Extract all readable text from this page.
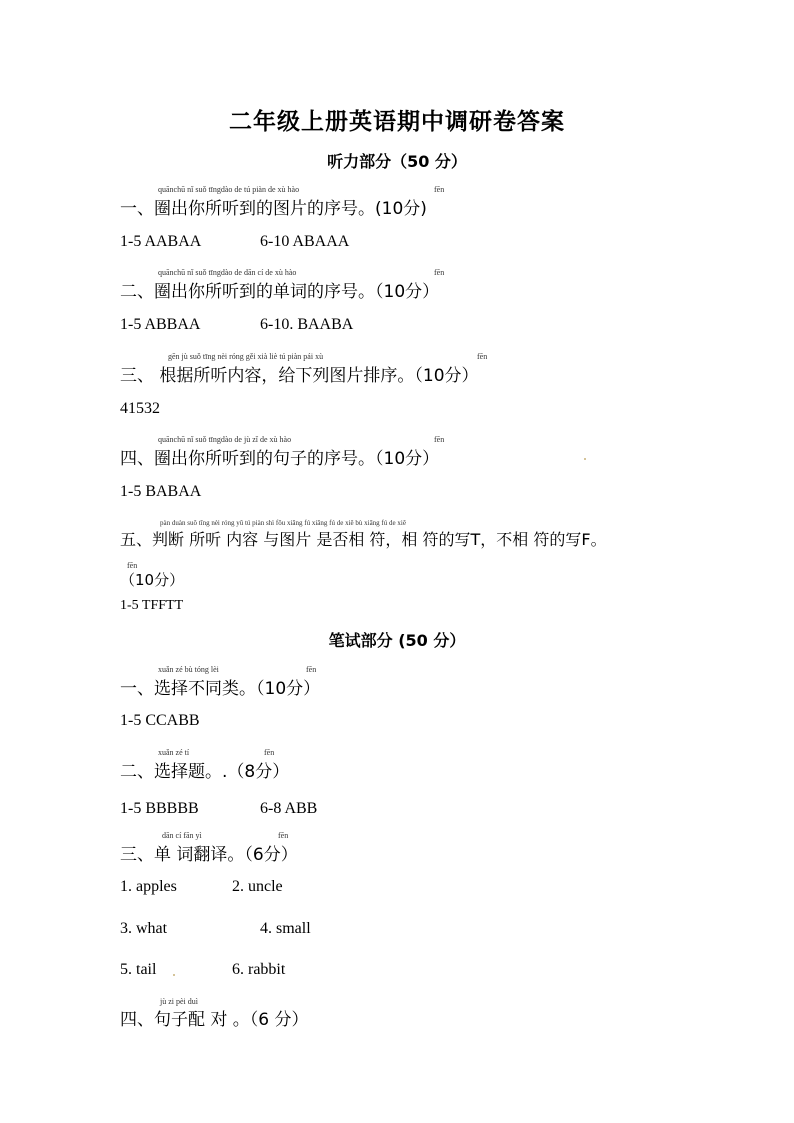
二年级上册英语期中调研卷答案
听力部分（50 分）
quānchū nǐ suǒ tīngdào de tú piàn de xù hào	fēn
一、圈出你所听到的图片的序号。(10分)
1-5 AABAA	6-10 ABAAA
quānchū nǐ suǒ tīngdào de dān cí de xù hào	fēn
二、圈出你所听到的单词的序号。（10分）
1-5 ABBAA	6-10. BAABA
gēn jù suǒ tīng nèi róng gěi xià liè tú piàn pái xù	fēn
三、 根据所听内容，给下列图片排序。（10分）
41532
quānchū nǐ suǒ tīngdào de jù zǐ de xù hào	fēn
四、圈出你所听到的句子的序号。（10分）
1-5 BABAA
pàn duàn suǒ tīng nèi róng yǔ tú piàn shì fǒu xiāng fú xiāng fú de xiě bù xiāng fú de xiě
五、判断 所听 内容 与图片 是否相 符，相 符的写T，不相 符的写F。
fēn
（10分）
1-5 TFFTT
笔试部分 (50 分）
xuǎn zé bù tóng lèi	fēn
一、选择不同类。（10分）
1-5 CCABB
xuǎn zé tí	fēn
二、选择题。.（8分）
1-5 BBBBB	6-8 ABB
dān cí fān yì	fēn
三、单 词翻译。（6分）
1. apples	2. uncle
3. what	4. small
5. tail	6. rabbit
jù zi pèi duì
四、句子配 对 。（6 分）
